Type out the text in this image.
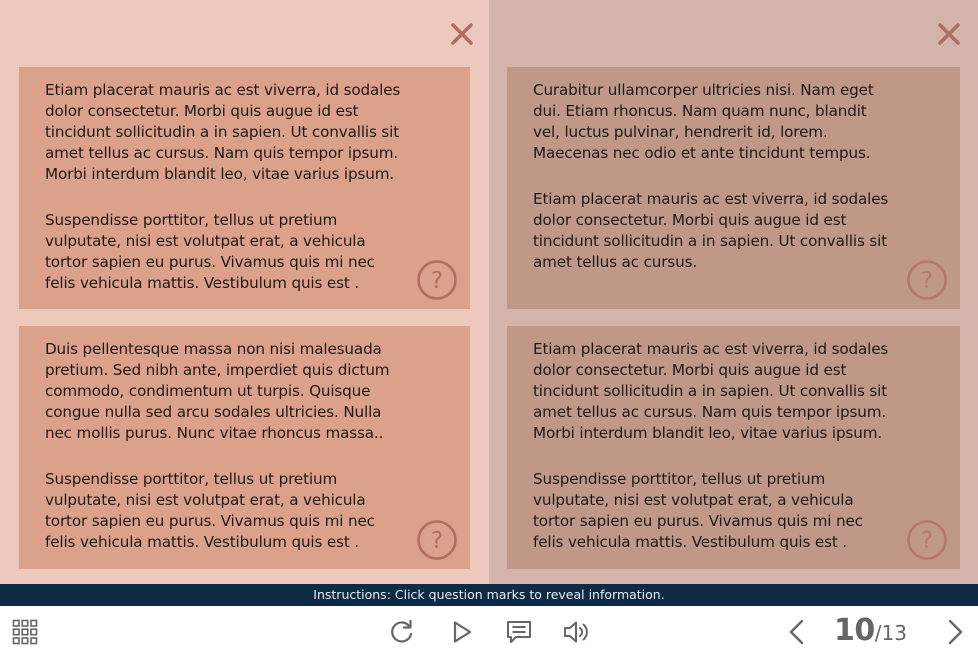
Etiam placerat mauris ac est viverra, id sodales
dolor consectetur. Morbi quis augue id est
tincidunt sollicitudin a in sapien. Ut convallis sit
amet tellus ac cursus. Nam quis tempor ipsum.
Morbi interdum blandit leo, vitae varius ipsum.

Suspendisse porttitor, tellus ut pretium
vulputate, nisi est volutpat erat, a vehicula
tortor sapien eu purus. Vivamus quis mi nec
felis vehicula mattis. Vestibulum quis est .	?

Duis pellentesque massa non nisi malesuada
pretium. Sed nibh ante, imperdiet quis dictum
commodo, condimentum ut turpis. Quisque
congue nulla sed arcu sodales ultricies. Nulla
nec mollis purus. Nunc vitae rhoncus massa..

Suspendisse porttitor, tellus ut pretium
vulputate, nisi est volutpat erat, a vehicula
tortor sapien eu purus. Vivamus quis mi nec
felis vehicula mattis. Vestibulum quis est .	?

Curabitur ullamcorper ultricies nisi. Nam eget
dui. Etiam rhoncus. Nam quam nunc, blandit
vel, luctus pulvinar, hendrerit id, lorem.
Maecenas nec odio et ante tincidunt tempus.

Etiam placerat mauris ac est viverra, id sodales
dolor consectetur. Morbi quis augue id est
tincidunt sollicitudin a in sapien. Ut convallis sit
amet tellus ac cursus.

?

Etiam placerat mauris ac est viverra, id sodales
dolor consectetur. Morbi quis augue id est
tincidunt sollicitudin a in sapien. Ut convallis sit
amet tellus ac cursus. Nam quis tempor ipsum.
Morbi interdum blandit leo, vitae varius ipsum.

Suspendisse porttitor, tellus ut pretium
vulputate, nisi est volutpat erat, a vehicula
tortor sapien eu purus. Vivamus quis mi nec
felis vehicula mattis. Vestibulum quis est .	?
Instructions: Click question marks to reveal information.
10/13
